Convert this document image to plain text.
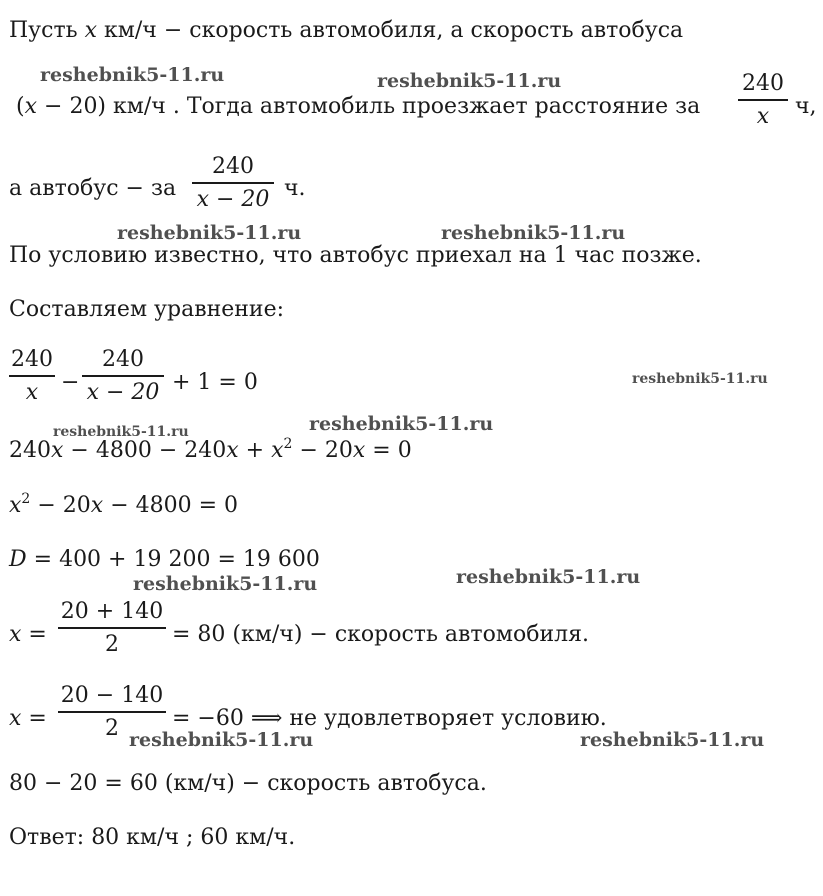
Пусть x км/ч − скорость автомобиля, а скорость автобуса
(x − 20) км/ч . Тогда автомобиль проезжает расстояние за
240
x	ч,
а автобус − за
240
x − 20 ч.
По условию известно, что автобус приехал на 1 час позже.
Составляем уравнение:
240
x	−
240
x − 20 + 1 = 0
$240x - 4800 - 240x + x^2 - 20x = 0$
$x^2 - 20x - 4800 = 0$
D = 400 + 19 200 = 19 600
x =
20 + 140
2	= 80 (км/ч) − скорость автомобиля.
x =
20 − 140
2	= −60 ⟹ не удовлетворяет условию.
80 − 20 = 60 (км/ч) − скорость автобуса.
Ответ: 80 км/ч ; 60 км/ч.
reshebnik5-11.ru	reshebnik5-11.ru
reshebnik5-11.ru	reshebnik5-11.ru
reshebnik5-11.ru
reshebnik5-11.ru
reshebnik5-11.ru
reshebnik5-11.ru	reshebnik5-11.ru
reshebnik5-11.ru	reshebnik5-11.ru
